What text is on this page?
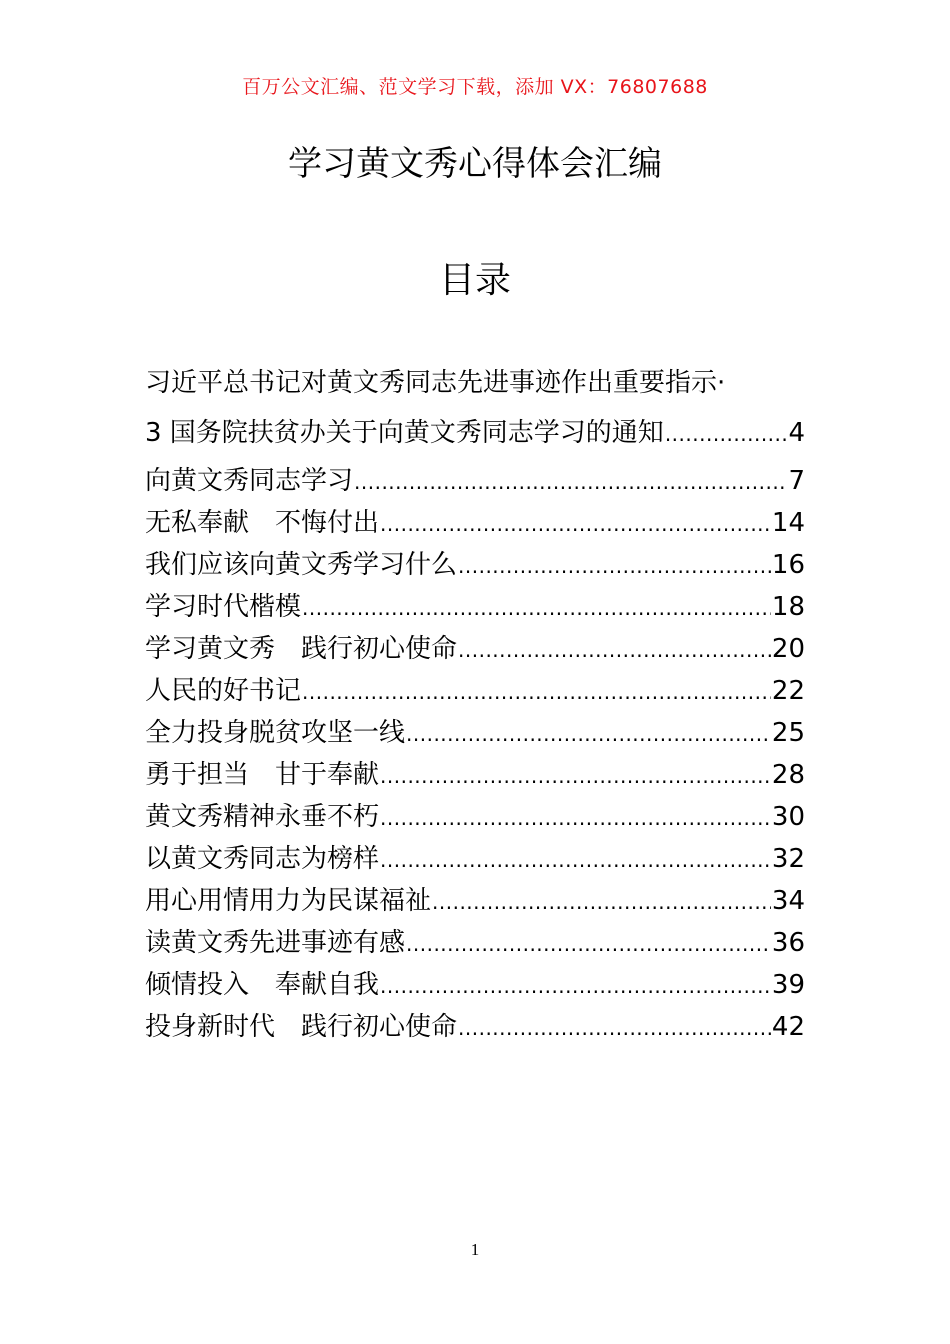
百万公文汇编、范文学习下载，添加 VX：76807688
学习黄文秀心得体会汇编
目录
习近平总书记对黄文秀同志先进事迹作出重要指示·
3 国务院扶贫办关于向黄文秀同志学习的通知 .....	4
向黄文秀同志学习 .....	7
无私奉献　不悔付出 .....	14
我们应该向黄文秀学习什么 .....	16
学习时代楷模 .....	18
学习黄文秀　践行初心使命 .....	20
人民的好书记 .....	22
全力投身脱贫攻坚一线 .....	25
勇于担当　甘于奉献 .....	28
黄文秀精神永垂不朽 .....	30
以黄文秀同志为榜样 .....	32
用心用情用力为民谋福祉 .....	34
读黄文秀先进事迹有感 .....	36
倾情投入　奉献自我 .....	39
投身新时代　践行初心使命 .....	42
1
